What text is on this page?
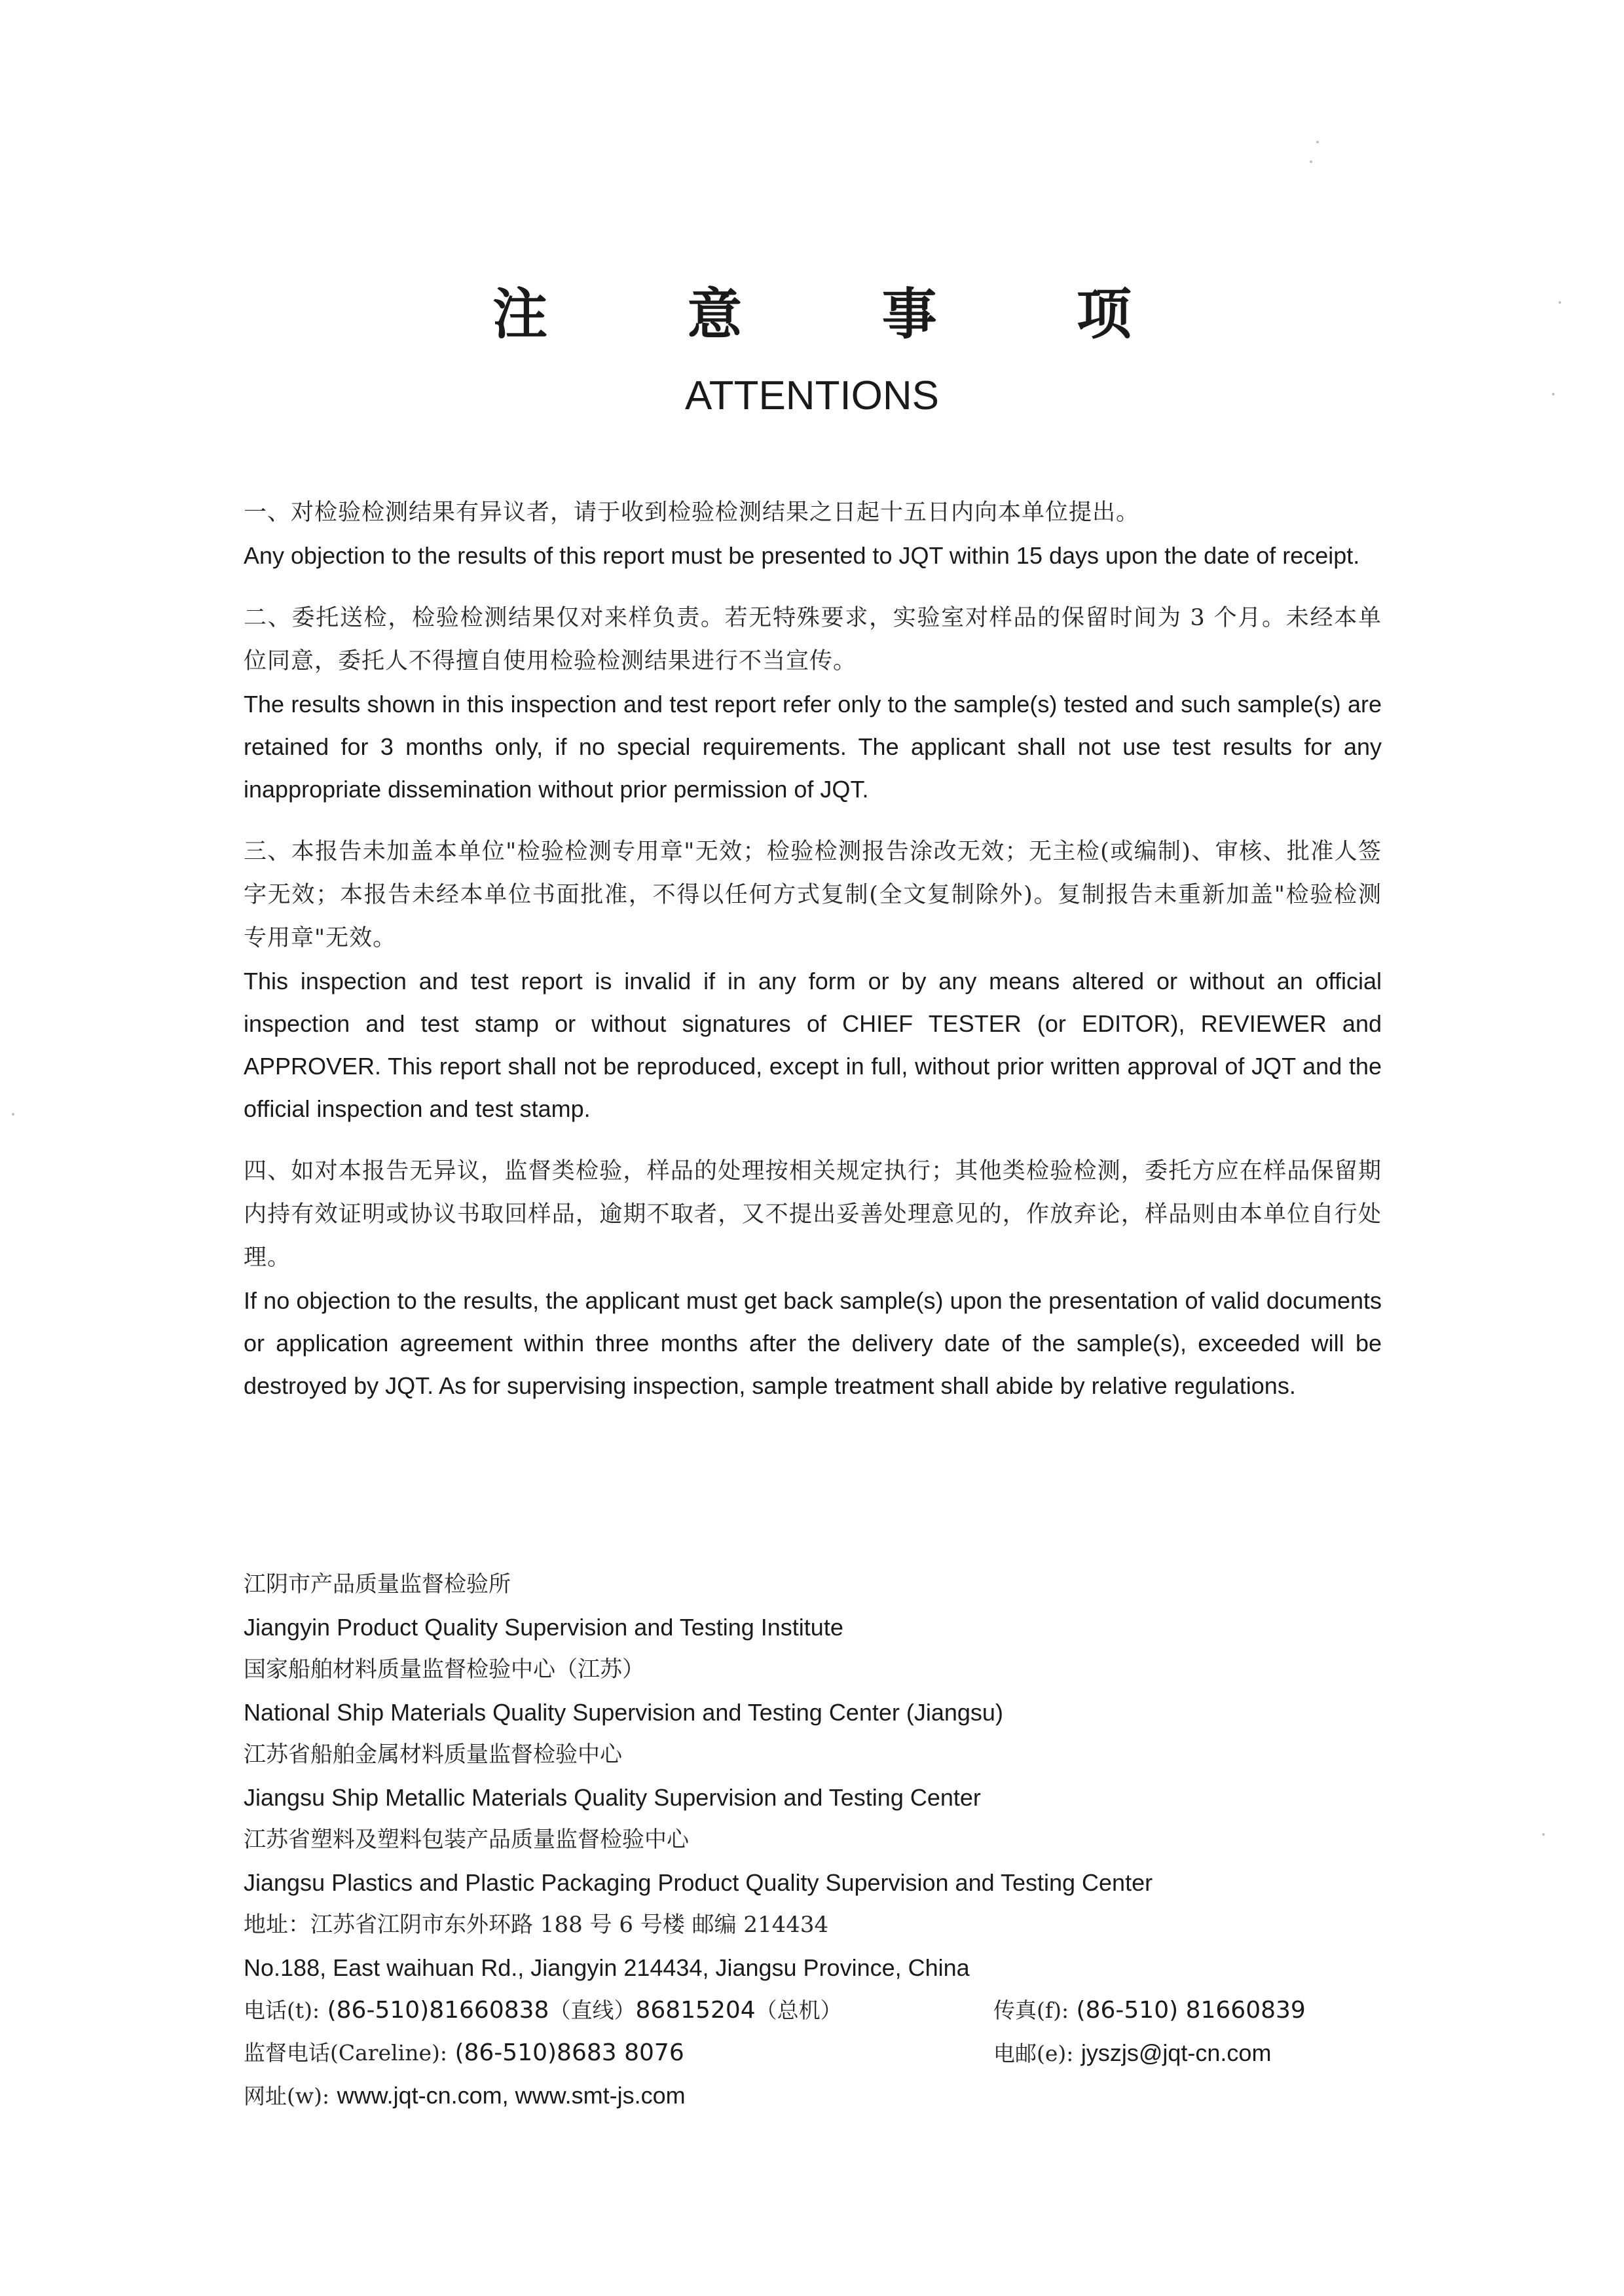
注 意 事 项
ATTENTIONS
一、对检验检测结果有异议者，请于收到检验检测结果之日起十五日内向本单位提出。
Any objection to the results of this report must be presented to JQT within 15 days upon the date of receipt.
二、委托送检，检验检测结果仅对来样负责。若无特殊要求，实验室对样品的保留时间为 3 个月。未经本单位同意，委托人不得擅自使用检验检测结果进行不当宣传。
The results shown in this inspection and test report refer only to the sample(s) tested and such sample(s) are retained for 3 months only, if no special requirements. The applicant shall not use test results for any inappropriate dissemination without prior permission of JQT.
三、本报告未加盖本单位"检验检测专用章"无效；检验检测报告涂改无效；无主检(或编制)、审核、批准人签字无效；本报告未经本单位书面批准，不得以任何方式复制(全文复制除外)。复制报告未重新加盖"检验检测专用章"无效。
This inspection and test report is invalid if in any form or by any means altered or without an official inspection and test stamp or without signatures of CHIEF TESTER (or EDITOR), REVIEWER and APPROVER. This report shall not be reproduced, except in full, without prior written approval of JQT and the official inspection and test stamp.
四、如对本报告无异议，监督类检验，样品的处理按相关规定执行；其他类检验检测，委托方应在样品保留期内持有效证明或协议书取回样品，逾期不取者，又不提出妥善处理意见的，作放弃论，样品则由本单位自行处理。
If no objection to the results, the applicant must get back sample(s) upon the presentation of valid documents or application agreement within three months after the delivery date of the sample(s), exceeded will be destroyed by JQT. As for supervising inspection, sample treatment shall abide by relative regulations.
江阴市产品质量监督检验所
Jiangyin Product Quality Supervision and Testing Institute
国家船舶材料质量监督检验中心（江苏）
National Ship Materials Quality Supervision and Testing Center (Jiangsu)
江苏省船舶金属材料质量监督检验中心
Jiangsu Ship Metallic Materials Quality Supervision and Testing Center
江苏省塑料及塑料包装产品质量监督检验中心
Jiangsu Plastics and Plastic Packaging Product Quality Supervision and Testing Center
地址：江苏省江阴市东外环路 188 号 6 号楼 邮编 214434
No.188, East waihuan Rd., Jiangyin 214434, Jiangsu Province, China
电话(t): (86-510)81660838（直线）86815204（总机）	传真(f): (86-510) 81660839
监督电话(Careline): (86-510)8683 8076	电邮(e): jyszjs@jqt-cn.com
网址(w): www.jqt-cn.com, www.smt-js.com
